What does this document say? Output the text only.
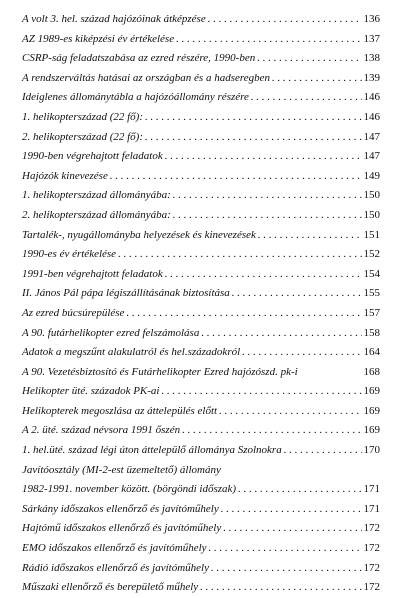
A volt 3. hel. század hajózóinak átképzése . . .	136
AZ 1989-es kiképzési év értékelése . . .	137
CSRP-ság feladatszabása az ezred részére, 1990-ben . . .	138
A rendszerváltás hatásai az országban és a hadseregben . . .	139
Ideiglenes állománytábla a hajózóállomány részére . . .	146
1. helikopterszázad (22 fő): . . .	146
2. helikopterszázad (22 fő): . . .	147
1990-ben végrehajtott feladatok . . .	147
Hajózók kinevezése . . .	149
1. helikopterszázad állományába: . . .	150
2. helikopterszázad állományába: . . .	150
Tartalék-, nyugállományba helyezések és kinevezések . . .	151
1990-es év értékelése . . .	152
1991-ben végrehajtott feladatok . . .	154
II. János Pál pápa légiszállításának biztosítása . . .	155
Az ezred búcsúrepülése . . .	157
A 90. futárhelikopter ezred felszámolása . . .	158
Adatok a megszűnt alakulatról és hel.századokról . . .	164
A 90. Vezetésbiztosító és Futárhelikopter Ezred hajózószd. pk-i	168
Helikopter üté. századok PK-ai . . .	169
Helikopterek megoszlása az áttelepülés előtt . . .	169
A 2. üté. század névsora 1991 őszén . . .	169
1. hel.üté. század légi úton áttelepülő állománya Szolnokra . . .	170
Javítóosztály (MI-2-est üzemeltető) állomány
1982-1991. november között. (börgöndi időszak) . . .	171
Sárkány időszakos ellenőrző és javítóműhely . . .	171
Hajtómű időszakos ellenőrző és javítóműhely . . .	172
EMO időszakos ellenőrző és javítóműhely . . .	172
Rádió időszakos ellenőrző és javítóműhely . . .	172
Műszaki ellenőrző és berepülető műhely . . .	172
